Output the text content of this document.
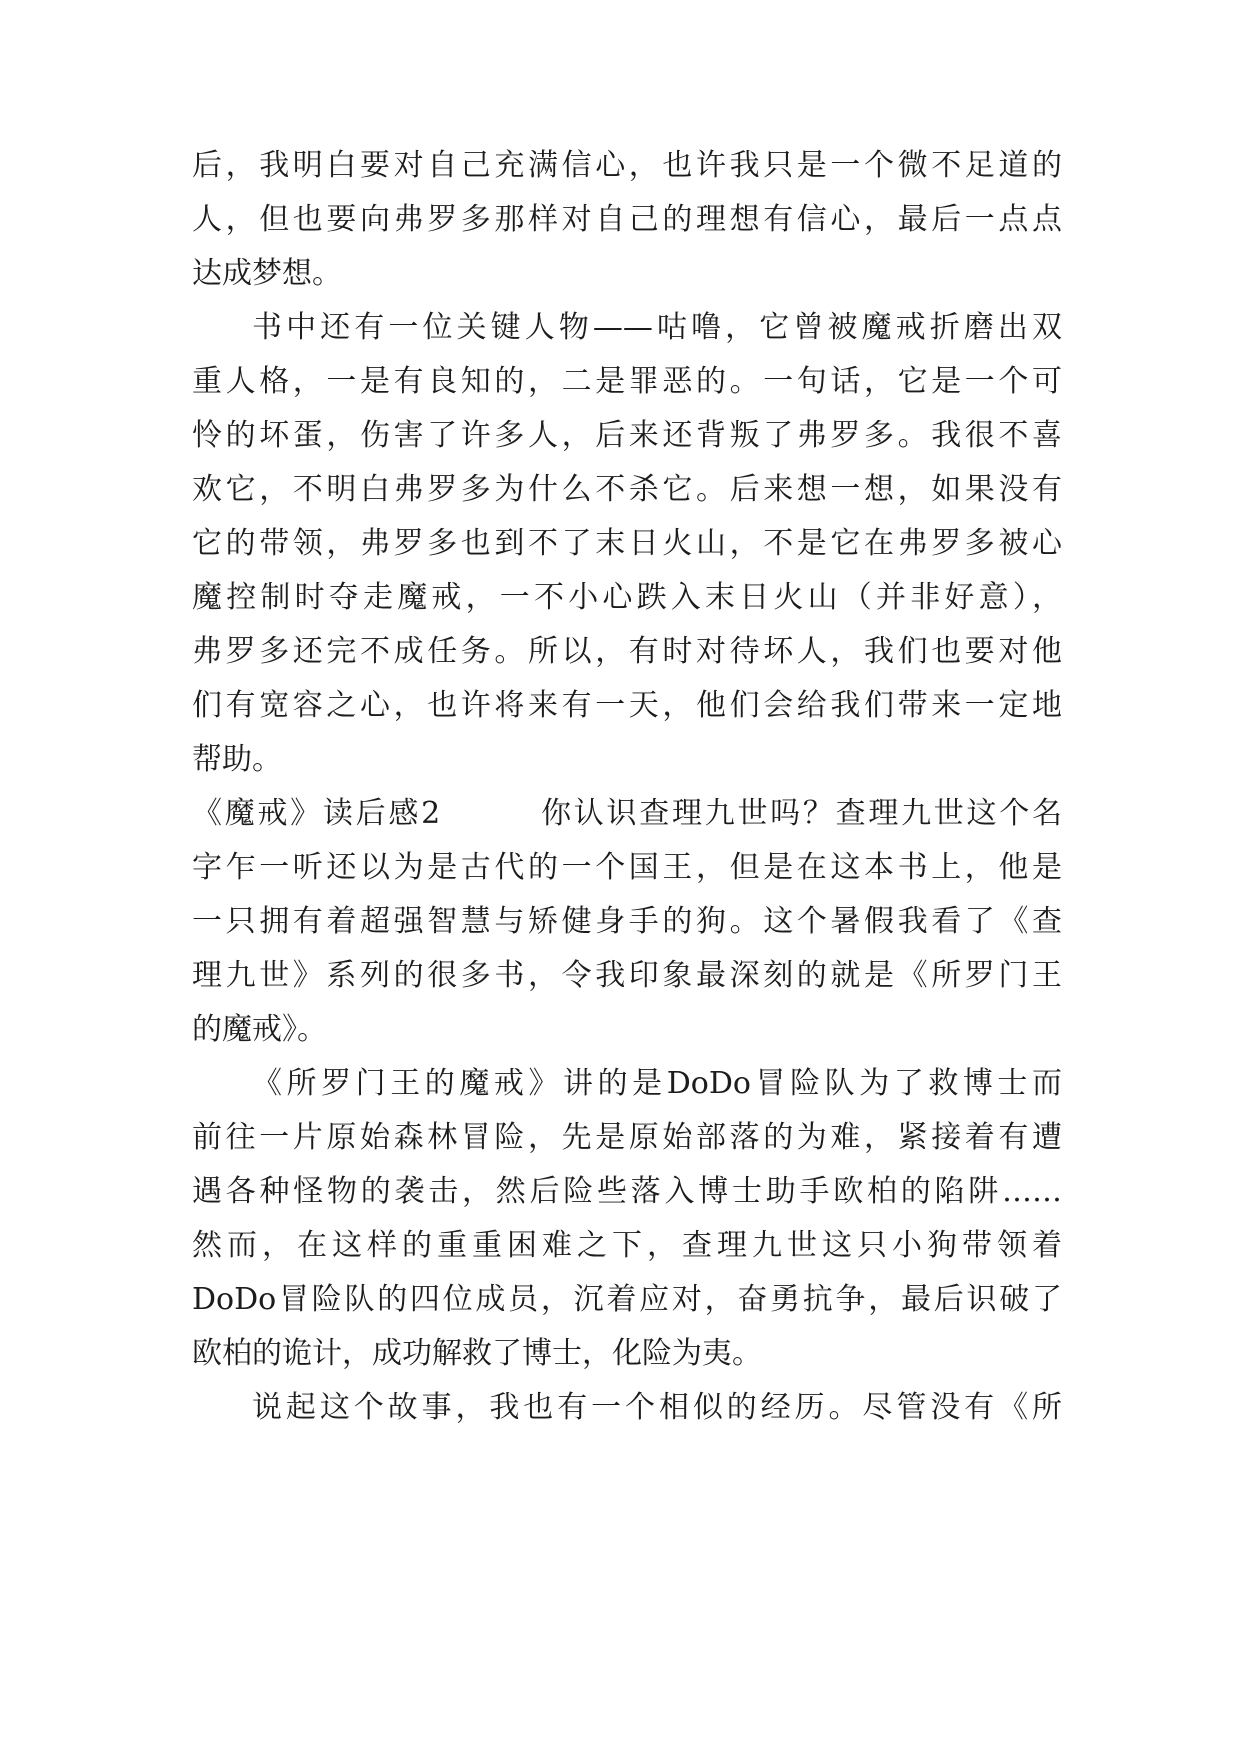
后，我明白要对自己充满信心，也许我只是一个微不足道的
人，但也要向弗罗多那样对自己的理想有信心，最后一点点
达成梦想。
书中还有一位关键人物——咕噜，它曾被魔戒折磨出双
重人格，一是有良知的，二是罪恶的。一句话，它是一个可
怜的坏蛋，伤害了许多人，后来还背叛了弗罗多。我很不喜
欢它，不明白弗罗多为什么不杀它。后来想一想，如果没有
它的带领，弗罗多也到不了末日火山，不是它在弗罗多被心
魔控制时夺走魔戒，一不小心跌入末日火山（并非好意），
弗罗多还完不成任务。所以，有时对待坏人，我们也要对他
们有宽容之心，也许将来有一天，他们会给我们带来一定地
帮助。
《魔戒》读后感2　　　你认识查理九世吗？查理九世这个名
字乍一听还以为是古代的一个国王，但是在这本书上，他是
一只拥有着超强智慧与矫健身手的狗。这个暑假我看了《查
理九世》系列的很多书，令我印象最深刻的就是《所罗门王
的魔戒》。
《所罗门王的魔戒》讲的是DoDo冒险队为了救博士而
前往一片原始森林冒险，先是原始部落的为难，紧接着有遭
遇各种怪物的袭击，然后险些落入博士助手欧柏的陷阱……
然而，在这样的重重困难之下，查理九世这只小狗带领着
DoDo冒险队的四位成员，沉着应对，奋勇抗争，最后识破了
欧柏的诡计，成功解救了博士，化险为夷。
说起这个故事，我也有一个相似的经历。尽管没有《所
